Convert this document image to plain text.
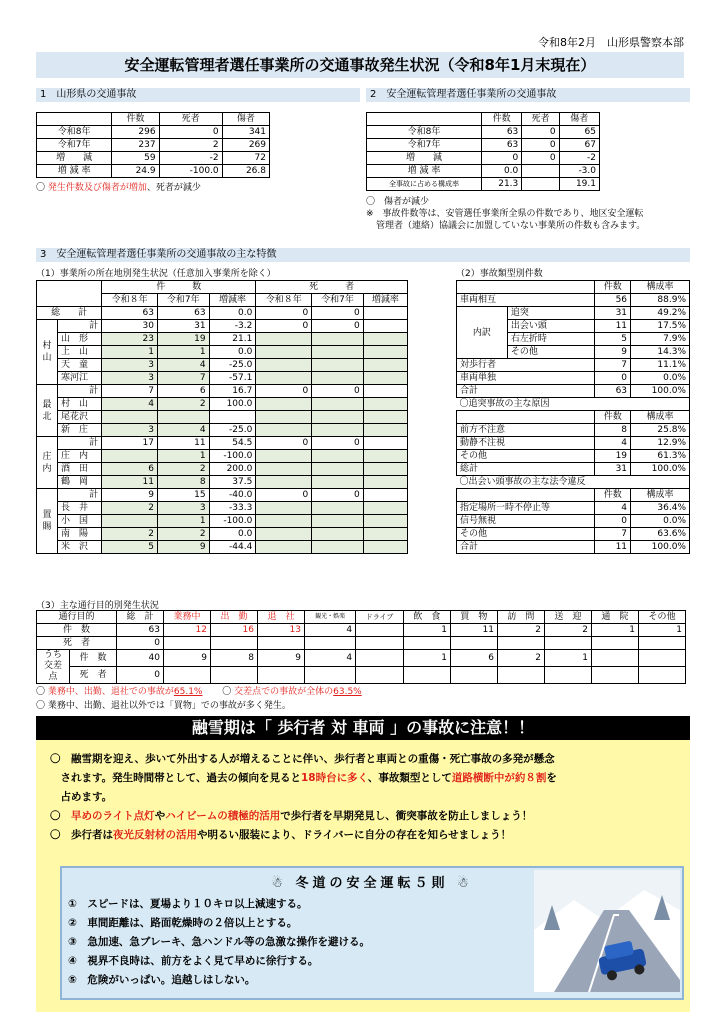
令和8年2月　山形県警察本部
安全運転管理者選任事業所の交通事故発生状況（令和8年1月末現在）
1　山形県の交通事故
	件数	死者	傷者
令和8年	296	0	341
令和7年	237	2	269
増　　減	59	-2	72
増 減 率	24.9	-100.0	26.8
〇 発生件数及び傷者が増加、死者が減少
2　安全運転管理者選任事業所の交通事故
	件数	死者	傷者
令和8年	63	0	65
令和7年	63	0	67
増　　減	0	0	-2
増 減 率	0.0		-3.0
全事故に占める構成率	21.3		19.1
〇　傷者が減少
※　事故件数等は、安管選任事業所全県の件数であり、地区安全運転
管理者（連絡）協議会に加盟していない事業所の件数も含みます。
3　安全運転管理者選任事業所の交通事故の主な特徴
（1）事業所の所在地別発生状況（任意加入事業所を除く）
		件　　　数			死　　　者		
		令和８年	令和7年	増減率	令和８年	令和7年	増減率
総　　計		63	63	0.0	0	0	
村山	計	30	31	-3.2	0	0	
	山　形	23	19	21.1			
	上　山	1	1	0.0			
	天　童	3	4	-25.0			
	寒河江	3	7	-57.1			
最北	計	7	6	16.7	0	0	
	村　山	4	2	100.0			
	尾花沢						
	新　庄	3	4	-25.0			
庄内	計	17	11	54.5	0	0	
	庄　内		1	-100.0			
	酒　田	6	2	200.0			
	鶴　岡	11	8	37.5			
置賜	計	9	15	-40.0	0	0	
	長　井	2	3	-33.3			
	小　国		1	-100.0			
	南　陽	2	2	0.0			
	米　沢	5	9	-44.4			
（2）事故類型別件数
		件数	構成率
車両相互		56	88.9%
内訳	追突	31	49.2%
	出会い頭	11	17.5%
	右左折時	5	7.9%
	その他	9	14.3%
対歩行者		7	11.1%
車両単独		0	0.0%
合計		63	100.0%
〇追突事故の主な原因			
		件数	構成率
前方不注意		8	25.8%
動静不注視		4	12.9%
その他		19	61.3%
総計		31	100.0%
〇出会い頭事故の主な法令違反			
		件数	構成率
指定場所一時不停止等		4	36.4%
信号無視		0	0.0%
その他		7	63.6%
合計		11	100.0%
（3）主な通行目的別発生状況
通行目的		総　計	業務中	出　勤	退　社	観光・娯楽	ドライブ	飲　食	買　物	訪　問	送　迎	通　院	その他
件　数		63	12	16	13	4		1	11	2	2	1	1
死　者		0											
うち交差点	件　数	40	9	8	9	4		1	6	2	1		
	死　者	0											
〇 業務中、出勤、退社での事故が65.1% 〇 交差点での事故が全体の63.5%
〇 業務中、出勤、退社以外では「買物」での事故が多く発生。
融雪期は「 歩行者 対 車両 」の事故に注意！！
〇　融雪期を迎え、歩いて外出する人が増えることに伴い、歩行者と車両との重傷・死亡事故の多発が懸念
　されます。発生時間帯として、過去の傾向を見ると18時台に多く、事故類型として道路横断中が約８割を
　占めます。
〇　早めのライト点灯やハイビームの積極的活用で歩行者を早期発見し、衝突事故を防止しましょう！
〇　歩行者は夜光反射材の活用や明るい服装により、ドライバーに自分の存在を知らせましょう！
☃ 冬道の安全運転５則 ☃
①　スピードは、夏場より１０キロ以上減速する。
②　車間距離は、路面乾燥時の２倍以上とする。
③　急加速、急ブレーキ、急ハンドル等の急激な操作を避ける。
④　視界不良時は、前方をよく見て早めに徐行する。
⑤　危険がいっぱい。追越しはしない。
